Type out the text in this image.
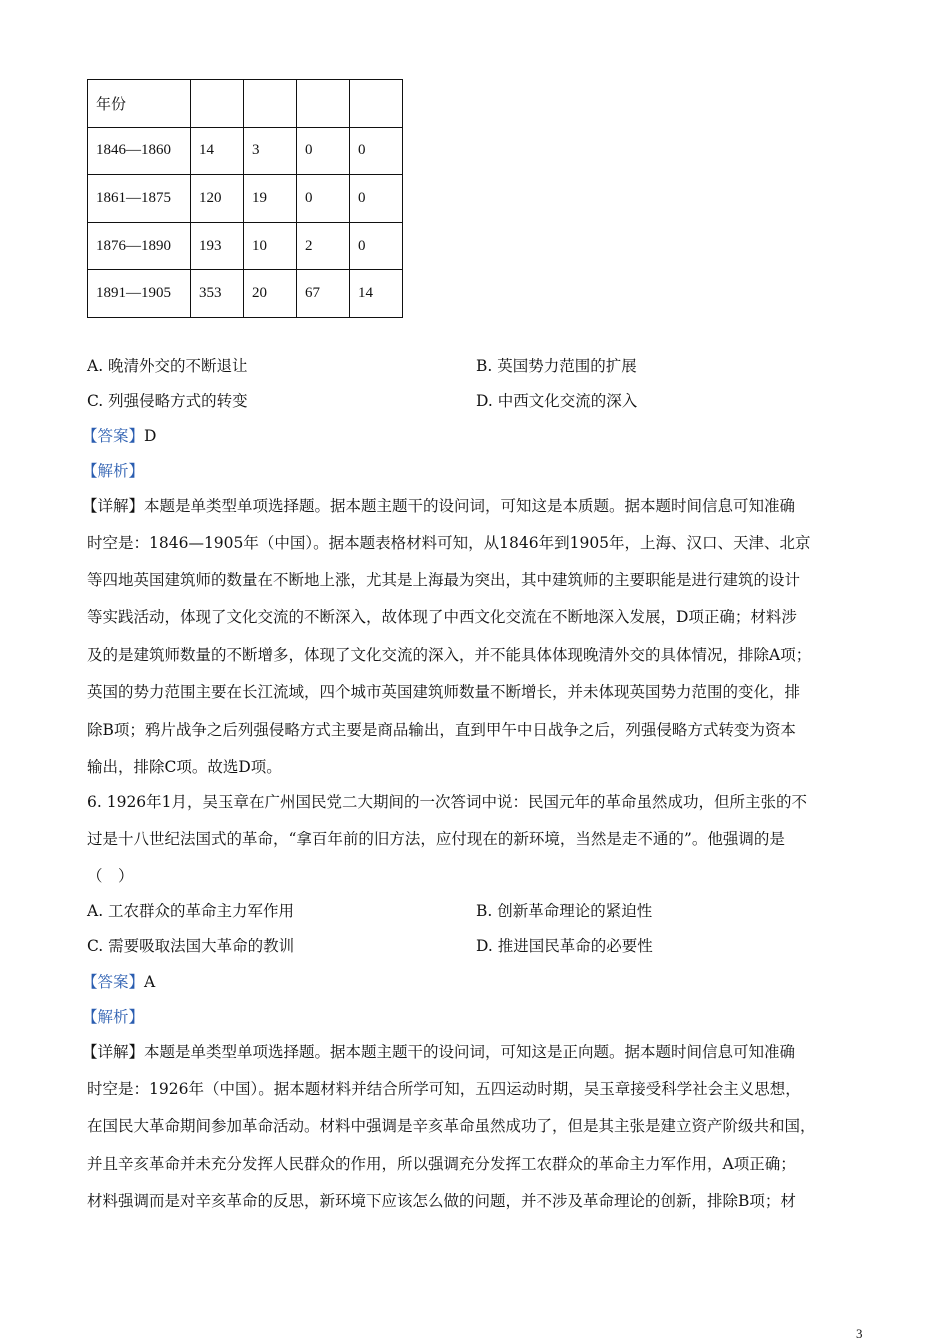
年份				
1846—1860	14	3	0	0
1861—1875	120	19	0	0
1876—1890	193	10	2	0
1891—1905	353	20	67	14
A. 晚清外交的不断退让	B. 英国势力范围的扩展
C. 列强侵略方式的转变	D. 中西文化交流的深入
【答案】D
【解析】
【详解】本题是单类型单项选择题。据本题主题干的设问词，可知这是本质题。据本题时间信息可知准确
时空是：1846—1905年（中国）。据本题表格材料可知，从1846年到1905年，上海、汉口、天津、北京
等四地英国建筑师的数量在不断地上涨，尤其是上海最为突出，其中建筑师的主要职能是进行建筑的设计
等实践活动，体现了文化交流的不断深入，故体现了中西文化交流在不断地深入发展，D项正确；材料涉
及的是建筑师数量的不断增多，体现了文化交流的深入，并不能具体体现晚清外交的具体情况，排除A项；
英国的势力范围主要在长江流域，四个城市英国建筑师数量不断增长，并未体现英国势力范围的变化，排
除B项；鸦片战争之后列强侵略方式主要是商品输出，直到甲午中日战争之后，列强侵略方式转变为资本
输出，排除C项。故选D项。
6. 1926年1月，吴玉章在广州国民党二大期间的一次答词中说：民国元年的革命虽然成功，但所主张的不
过是十八世纪法国式的革命，“拿百年前的旧方法，应付现在的新环境，当然是走不通的”。他强调的是
（　）
A. 工农群众的革命主力军作用	B. 创新革命理论的紧迫性
C. 需要吸取法国大革命的教训	D. 推进国民革命的必要性
【答案】A
【解析】
【详解】本题是单类型单项选择题。据本题主题干的设问词，可知这是正向题。据本题时间信息可知准确
时空是：1926年（中国）。据本题材料并结合所学可知，五四运动时期，吴玉章接受科学社会主义思想，
在国民大革命期间参加革命活动。材料中强调是辛亥革命虽然成功了，但是其主张是建立资产阶级共和国，
并且辛亥革命并未充分发挥人民群众的作用，所以强调充分发挥工农群众的革命主力军作用，A项正确；
材料强调而是对辛亥革命的反思，新环境下应该怎么做的问题，并不涉及革命理论的创新，排除B项；材
3
